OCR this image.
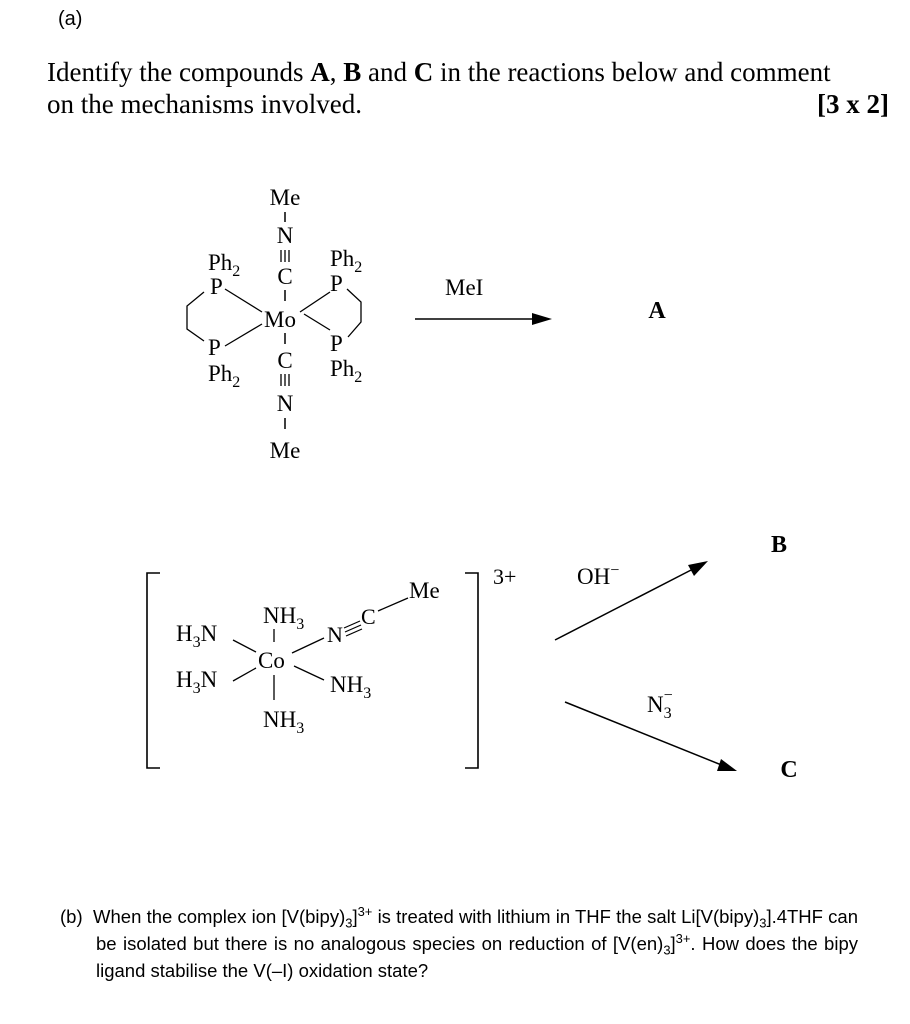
(a)
Identify the compounds A, B and C in the reactions below and comment
on the mechanisms involved.	[3 x 2]
Me
N
C
Mo
C
N
Me
$Ph_2$
P
P
$Ph_2$
$Ph_2$
P
P
$Ph_2$
MeI
A
3+
$NH_3$
Co
$NH_3$
$H_3N$
$H_3N$	$NH_3$
N
C
Me
OH−
B
$N_3-$
C
(b) When the complex ion $[V(bipy)_3]^{3+}$ is treated with lithium in THF the salt $Li[V(bipy)_3].4THF$ can be isolated but there is no analogous species on reduction of $[V(en)_3]^{3+}$. How does the bipy ligand stabilise the V(–I) oxidation state?
